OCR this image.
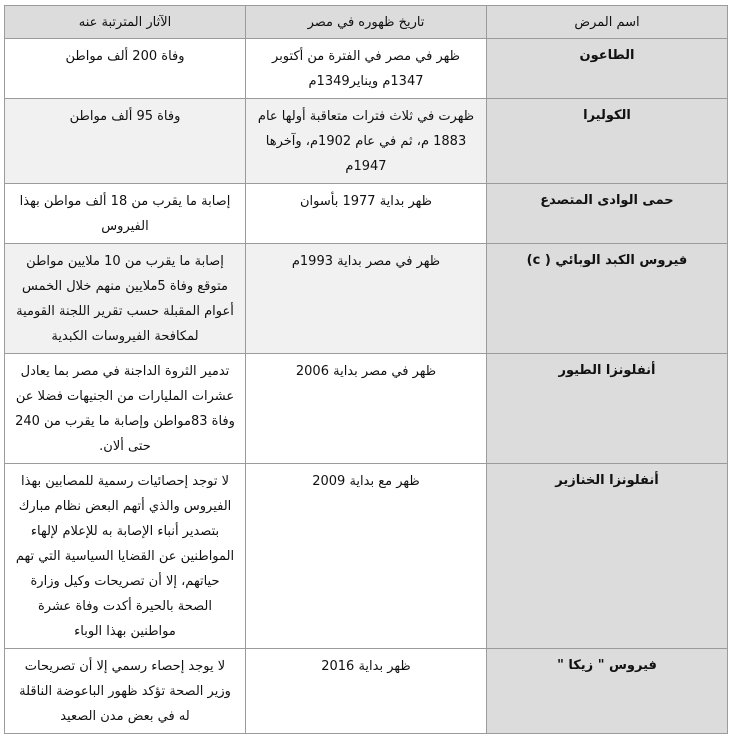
اسم المرض	تاريخ ظهوره في مصر	الآثار المترتبة عنه
الطاعون	ظهر في مصر في الفترة من أكتوبر 1347م ويناير1349م	وفاة 200 ألف مواطن
الكوليرا	ظهرت في ثلاث فترات متعاقبة أولها عام 1883 م، ثم في عام 1902م، وآخرها 1947م	وفاة 95 ألف مواطن
حمى الوادى المتصدع	ظهر بداية 1977 بأسوان	إصابة ما يقرب من 18 ألف مواطن بهذا الفيروس
فيروس الكبد الوبائي ( c)	ظهر في مصر بداية 1993م	إصابة ما يقرب من 10 ملايين مواطن متوقع وفاة 5ملايين منهم خلال الخمس أعوام المقبلة حسب تقرير اللجنة القومية لمكافحة الفيروسات الكبدية
أنفلونزا الطيور	ظهر في مصر بداية 2006	تدمير الثروة الداجنة في مصر بما يعادل عشرات المليارات من الجنيهات فضلا عن وفاة 83مواطن وإصابة ما يقرب من 240 حتى ألان.
أنفلونزا الخنازير	ظهر مع بداية 2009	لا توجد إحصائيات رسمية للمصابين بهذا الفيروس والذي أتهم البعض نظام مبارك بتصدير أنباء الإصابة به للإعلام لإلهاء المواطنين عن القضايا السياسية التي تهم حياتهم، إلا أن تصريحات وكيل وزارة الصحة بالحيرة أكدت وفاة عشرة مواطنين بهذا الوباء
فيروس " زيكا "	ظهر بداية 2016	لا يوجد إحصاء رسمي إلا أن تصريحات وزير الصحة تؤكد ظهور الباعوضة الناقلة له في بعض مدن الصعيد
